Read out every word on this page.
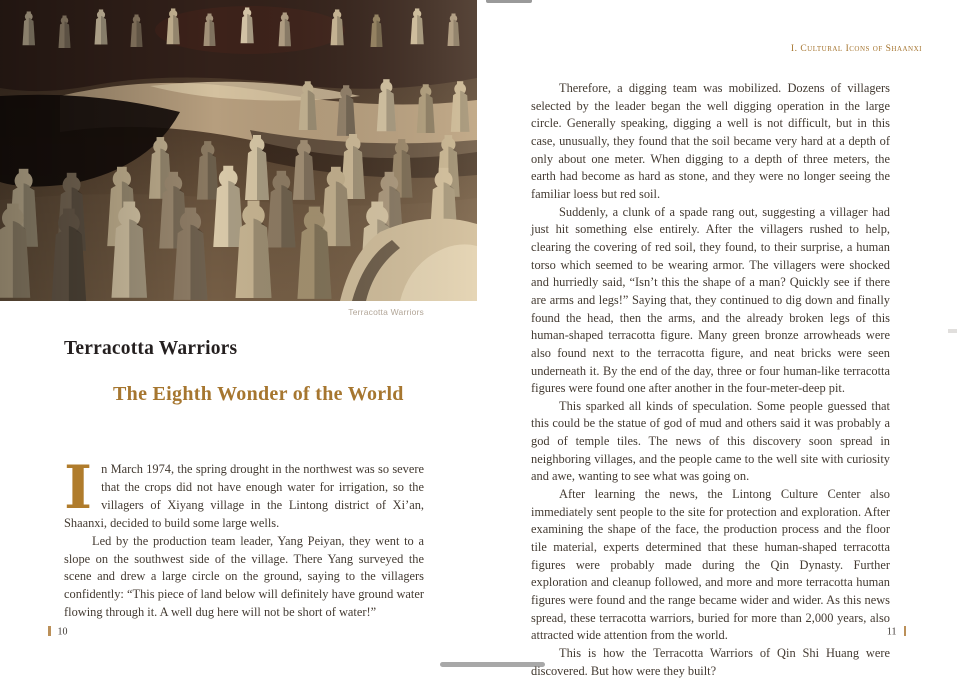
Terracotta Warriors
Terracotta Warriors
The Eighth Wonder of the World

In March 1974, the spring drought in the northwest was so severe that the crops did not have enough water for irrigation, so the villagers of Xiyang village in the Lintong district of Xi’an, Shaanxi, decided to build some large wells.

Led by the production team leader, Yang Peiyan, they went to a slope on the southwest side of the village. There Yang surveyed the scene and drew a large circle on the ground, saying to the villagers confidently: “This piece of land below will definitely have ground water flowing through it. A well dug here will not be short of water!”

10
I. Cultural Icons of Shaanxi

Therefore, a digging team was mobilized. Dozens of villagers selected by the leader began the well digging operation in the large circle. Generally speaking, digging a well is not difficult, but in this case, unusually, they found that the soil became very hard at a depth of only about one meter. When digging to a depth of three meters, the earth had become as hard as stone, and they were no longer seeing the familiar loess but red soil.

Suddenly, a clunk of a spade rang out, suggesting a villager had just hit something else entirely. After the villagers rushed to help, clearing the covering of red soil, they found, to their surprise, a human torso which seemed to be wearing armor. The villagers were shocked and hurriedly said, “Isn’t this the shape of a man? Quickly see if there are arms and legs!” Saying that, they continued to dig down and finally found the head, then the arms, and the already broken legs of this human-shaped terracotta figure. Many green bronze arrowheads were also found next to the terracotta figure, and neat bricks were seen underneath it. By the end of the day, three or four human-like terracotta figures were found one after another in the four-meter-deep pit.

This sparked all kinds of speculation. Some people guessed that this could be the statue of god of mud and others said it was probably a god of temple tiles. The news of this discovery soon spread in neighboring villages, and the people came to the well site with curiosity and awe, wanting to see what was going on.

After learning the news, the Lintong Culture Center also immediately sent people to the site for protection and exploration. After examining the shape of the face, the production process and the floor tile material, experts determined that these human-shaped terracotta figures were probably made during the Qin Dynasty. Further exploration and cleanup followed, and more and more terracotta human figures were found and the range became wider and wider. As this news spread, these terracotta warriors, buried for more than 2,000 years, also attracted wide attention from the world.

This is how the Terracotta Warriors of Qin Shi Huang were discovered. But how were they built?

11
